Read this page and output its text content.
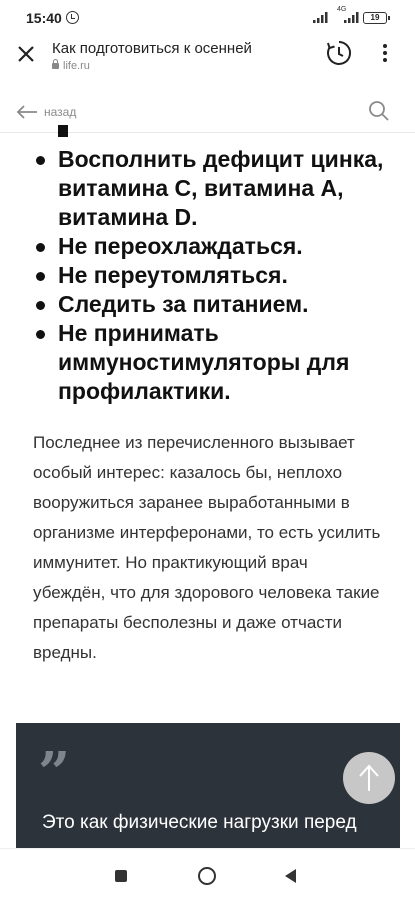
15:40
4G
19
Как подготовиться к осенней
life.ru
назад
Восполнить дефицит цинка, витамина C, витамина A, витамина D.
Не переохлаждаться.
Не переутомляться.
Следить за питанием.
Не принимать иммуностимуляторы для профилактики.

Последнее из перечисленного вызывает особый интерес: казалось бы, неплохо вооружиться заранее выработанными в организме интерферонами, то есть усилить иммунитет. Но практикующий врач убеждён, что для здорового человека такие препараты бесполезны и даже отчасти вредны.

”
Это как физические нагрузки перед
